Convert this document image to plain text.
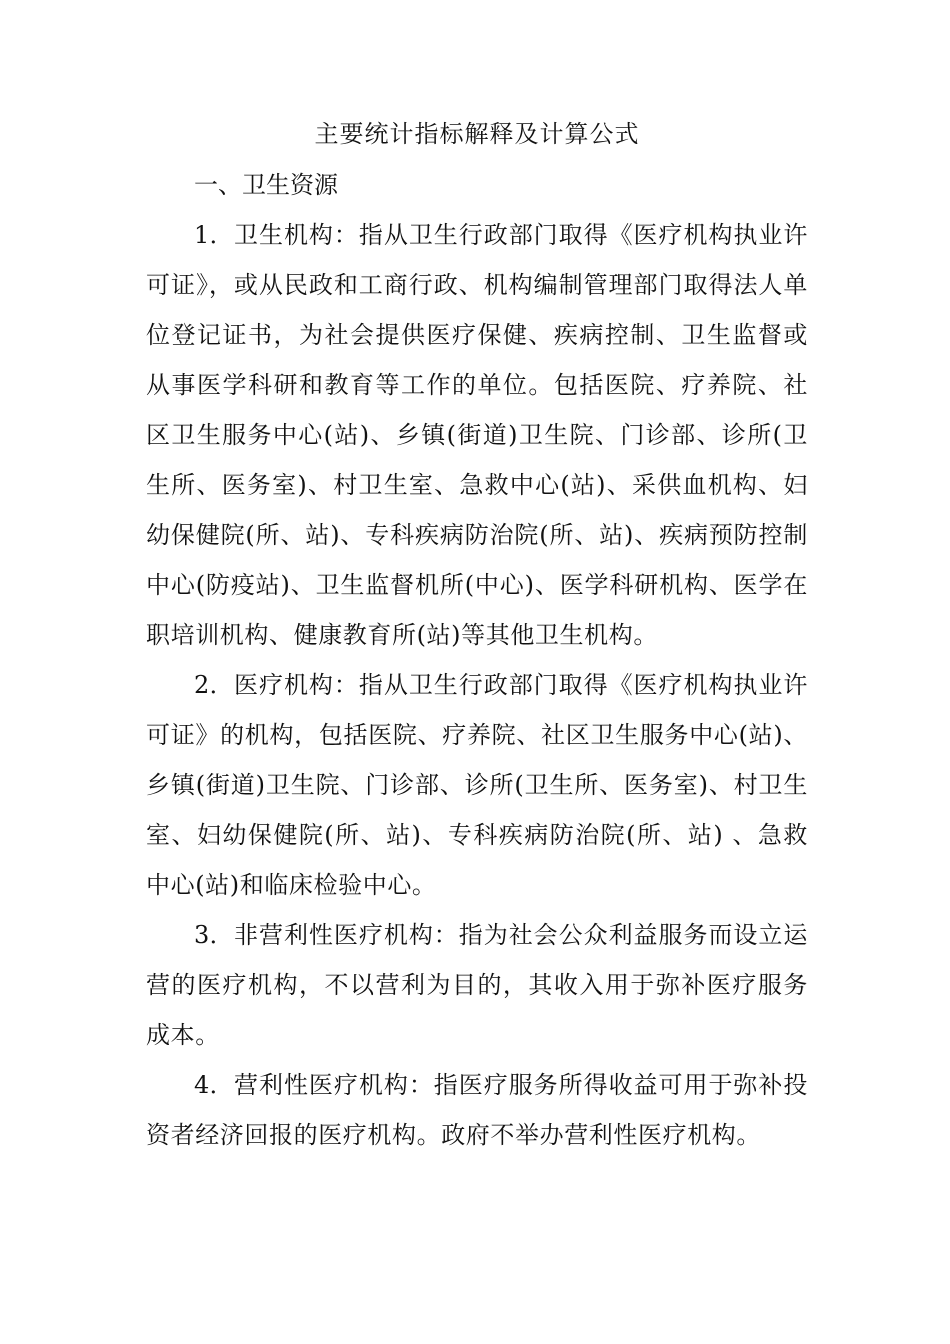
主要统计指标解释及计算公式
一、卫生资源

1．卫生机构：指从卫生行政部门取得《医疗机构执业许可证》，或从民政和工商行政、机构编制管理部门取得法人单位登记证书，为社会提供医疗保健、疾病控制、卫生监督或从事医学科研和教育等工作的单位。包括医院、疗养院、社区卫生服务中心(站)、乡镇(街道)卫生院、门诊部、诊所(卫生所、医务室)、村卫生室、急救中心(站)、采供血机构、妇幼保健院(所、站)、专科疾病防治院(所、站)、疾病预防控制中心(防疫站)、卫生监督机所(中心)、医学科研机构、医学在职培训机构、健康教育所(站)等其他卫生机构。

2．医疗机构：指从卫生行政部门取得《医疗机构执业许可证》的机构，包括医院、疗养院、社区卫生服务中心(站)、乡镇(街道)卫生院、门诊部、诊所(卫生所、医务室)、村卫生室、妇幼保健院(所、站)、专科疾病防治院(所、站) 、急救中心(站)和临床检验中心。

3．非营利性医疗机构：指为社会公众利益服务而设立运营的医疗机构，不以营利为目的，其收入用于弥补医疗服务成本。

4．营利性医疗机构：指医疗服务所得收益可用于弥补投资者经济回报的医疗机构。政府不举办营利性医疗机构。
